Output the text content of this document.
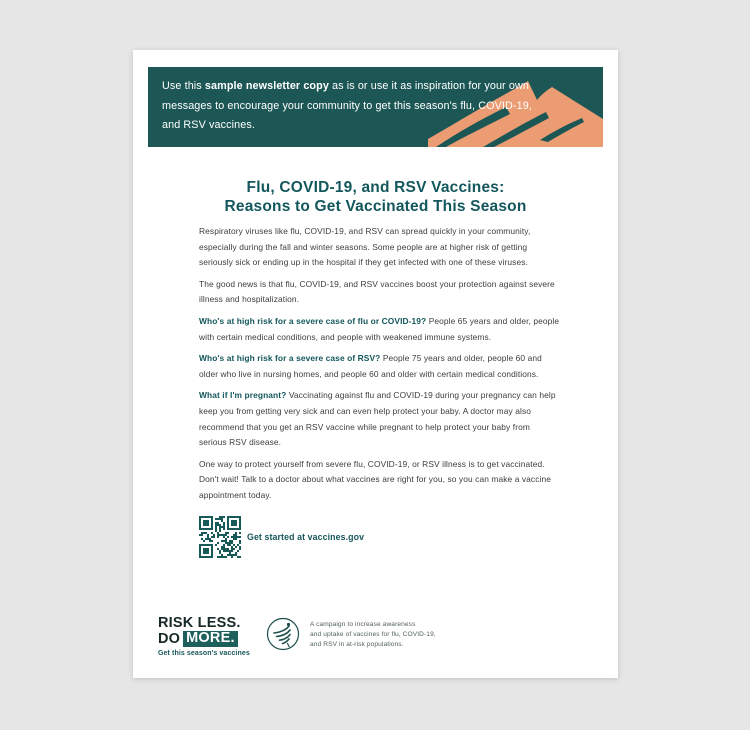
Use this sample newsletter copy as is or use it as inspiration for your own messages to encourage your community to get this season's flu, COVID-19, and RSV vaccines.
Flu, COVID-19, and RSV Vaccines:
Reasons to Get Vaccinated This Season

Respiratory viruses like flu, COVID-19, and RSV can spread quickly in your community, especially during the fall and winter seasons. Some people are at higher risk of getting seriously sick or ending up in the hospital if they get infected with one of these viruses.

The good news is that flu, COVID-19, and RSV vaccines boost your protection against severe illness and hospitalization.

Who's at high risk for a severe case of flu or COVID-19? People 65 years and older, people with certain medical conditions, and people with weakened immune systems.

Who's at high risk for a severe case of RSV? People 75 years and older, people 60 and older who live in nursing homes, and people 60 and older with certain medical conditions.

What if I'm pregnant? Vaccinating against flu and COVID-19 during your pregnancy can help keep you from getting very sick and can even help protect your baby. A doctor may also recommend that you get an RSV vaccine while pregnant to help protect your baby from serious RSV disease.

One way to protect yourself from severe flu, COVID-19, or RSV illness is to get vaccinated. Don't wait! Talk to a doctor about what vaccines are right for you, so you can make a vaccine appointment today.

Get started at vaccines.gov
RISK LESS.
DO MORE.
Get this season's vaccines
A campaign to increase awareness
and uptake of vaccines for flu, COVID-19,
and RSV in at-risk populations.
